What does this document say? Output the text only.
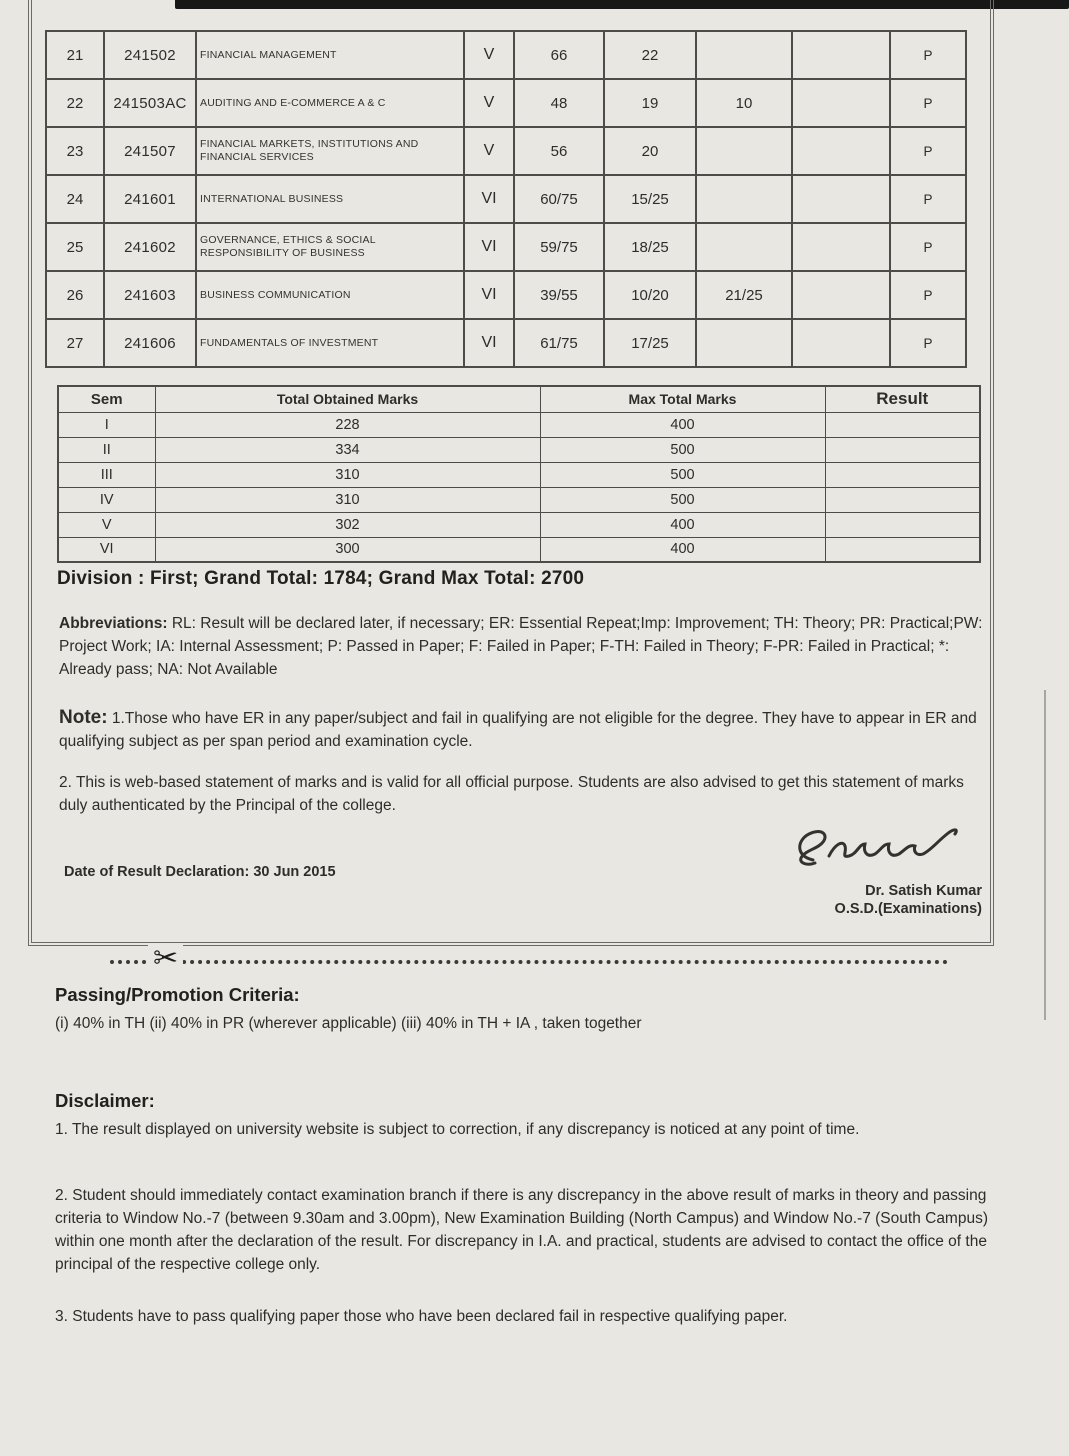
21	241502	FINANCIAL MANAGEMENT	V	66	22			P
22	241503AC	AUDITING AND E-COMMERCE A & C	V	48	19	10		P
23	241507	FINANCIAL MARKETS, INSTITUTIONS AND FINANCIAL SERVICES	V	56	20			P
24	241601	INTERNATIONAL BUSINESS	VI	60/75	15/25			P
25	241602	GOVERNANCE, ETHICS & SOCIAL RESPONSIBILITY OF BUSINESS	VI	59/75	18/25			P
26	241603	BUSINESS COMMUNICATION	VI	39/55	10/20	21/25		P
27	241606	FUNDAMENTALS OF INVESTMENT	VI	61/75	17/25			P
Sem	Total Obtained Marks	Max Total Marks	Result
I	228	400	
II	334	500	
III	310	500	
IV	310	500	
V	302	400	
VI	300	400	
Division : First; Grand Total: 1784; Grand Max Total: 2700

Abbreviations: RL: Result will be declared later, if necessary; ER: Essential Repeat;Imp: Improvement; TH: Theory; PR: Practical;PW: Project Work; IA: Internal Assessment; P: Passed in Paper; F: Failed in Paper; F-TH: Failed in Theory; F-PR: Failed in Practical; *: Already pass; NA: Not Available

Note: 1.Those who have ER in any paper/subject and fail in qualifying are not eligible for the degree. They have to appear in ER and qualifying subject as per span period and examination cycle.

2. This is web-based statement of marks and is valid for all official purpose. Students are also advised to get this statement of marks duly authenticated by the Principal of the college.

Date of Result Declaration: 30 Jun 2015
Dr. Satish Kumar
O.S.D.(Examinations)
✂
Passing/Promotion Criteria:
(i) 40% in TH (ii) 40% in PR (wherever applicable) (iii) 40% in TH + IA , taken together
Disclaimer:

1. The result displayed on university website is subject to correction, if any discrepancy is noticed at any point of time.

2. Student should immediately contact examination branch if there is any discrepancy in the above result of marks in theory and passing criteria to Window No.-7 (between 9.30am and 3.00pm), New Examination Building (North Campus) and Window No.-7 (South Campus) within one month after the declaration of the result. For discrepancy in I.A. and practical, students are advised to contact the office of the principal of the respective college only.

3. Students have to pass qualifying paper those who have been declared fail in respective qualifying paper.
